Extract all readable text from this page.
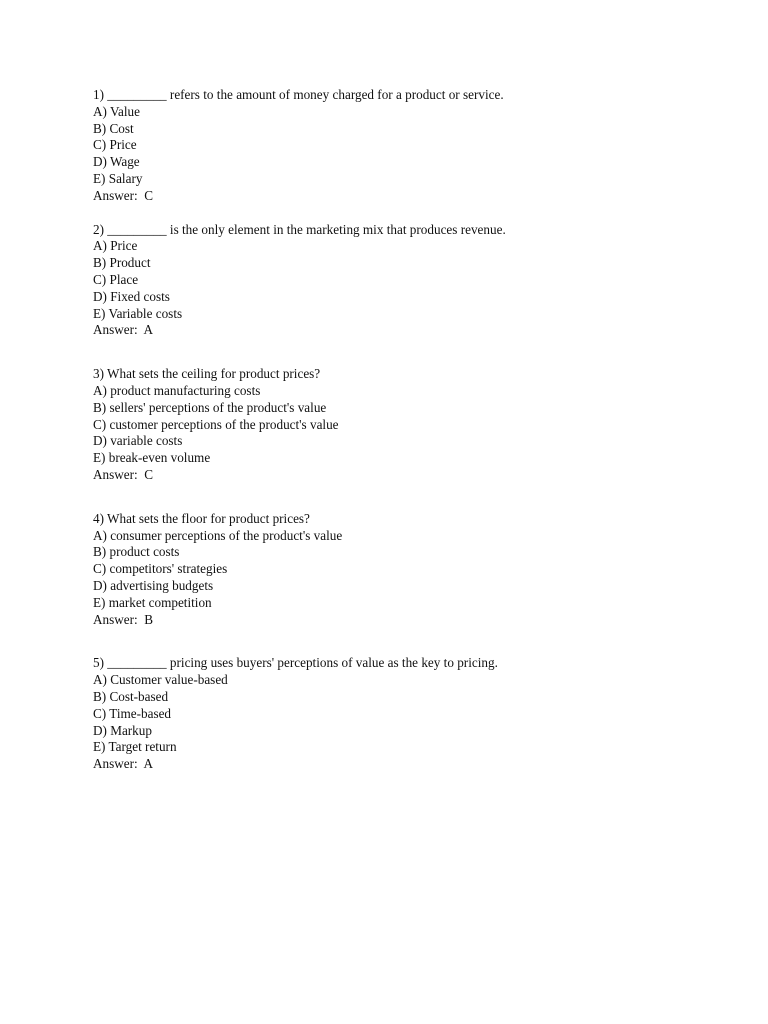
1) _________ refers to the amount of money charged for a product or service.
A) Value
B) Cost
C) Price
D) Wage
E) Salary
Answer:  C
2) _________ is the only element in the marketing mix that produces revenue.
A) Price
B) Product
C) Place
D) Fixed costs
E) Variable costs
Answer:  A
3) What sets the ceiling for product prices?
A) product manufacturing costs
B) sellers' perceptions of the product's value
C) customer perceptions of the product's value
D) variable costs
E) break-even volume
Answer:  C
4) What sets the floor for product prices?
A) consumer perceptions of the product's value
B) product costs
C) competitors' strategies
D) advertising budgets
E) market competition
Answer:  B
5) _________ pricing uses buyers' perceptions of value as the key to pricing.
A) Customer value-based
B) Cost-based
C) Time-based
D) Markup
E) Target return
Answer:  A
